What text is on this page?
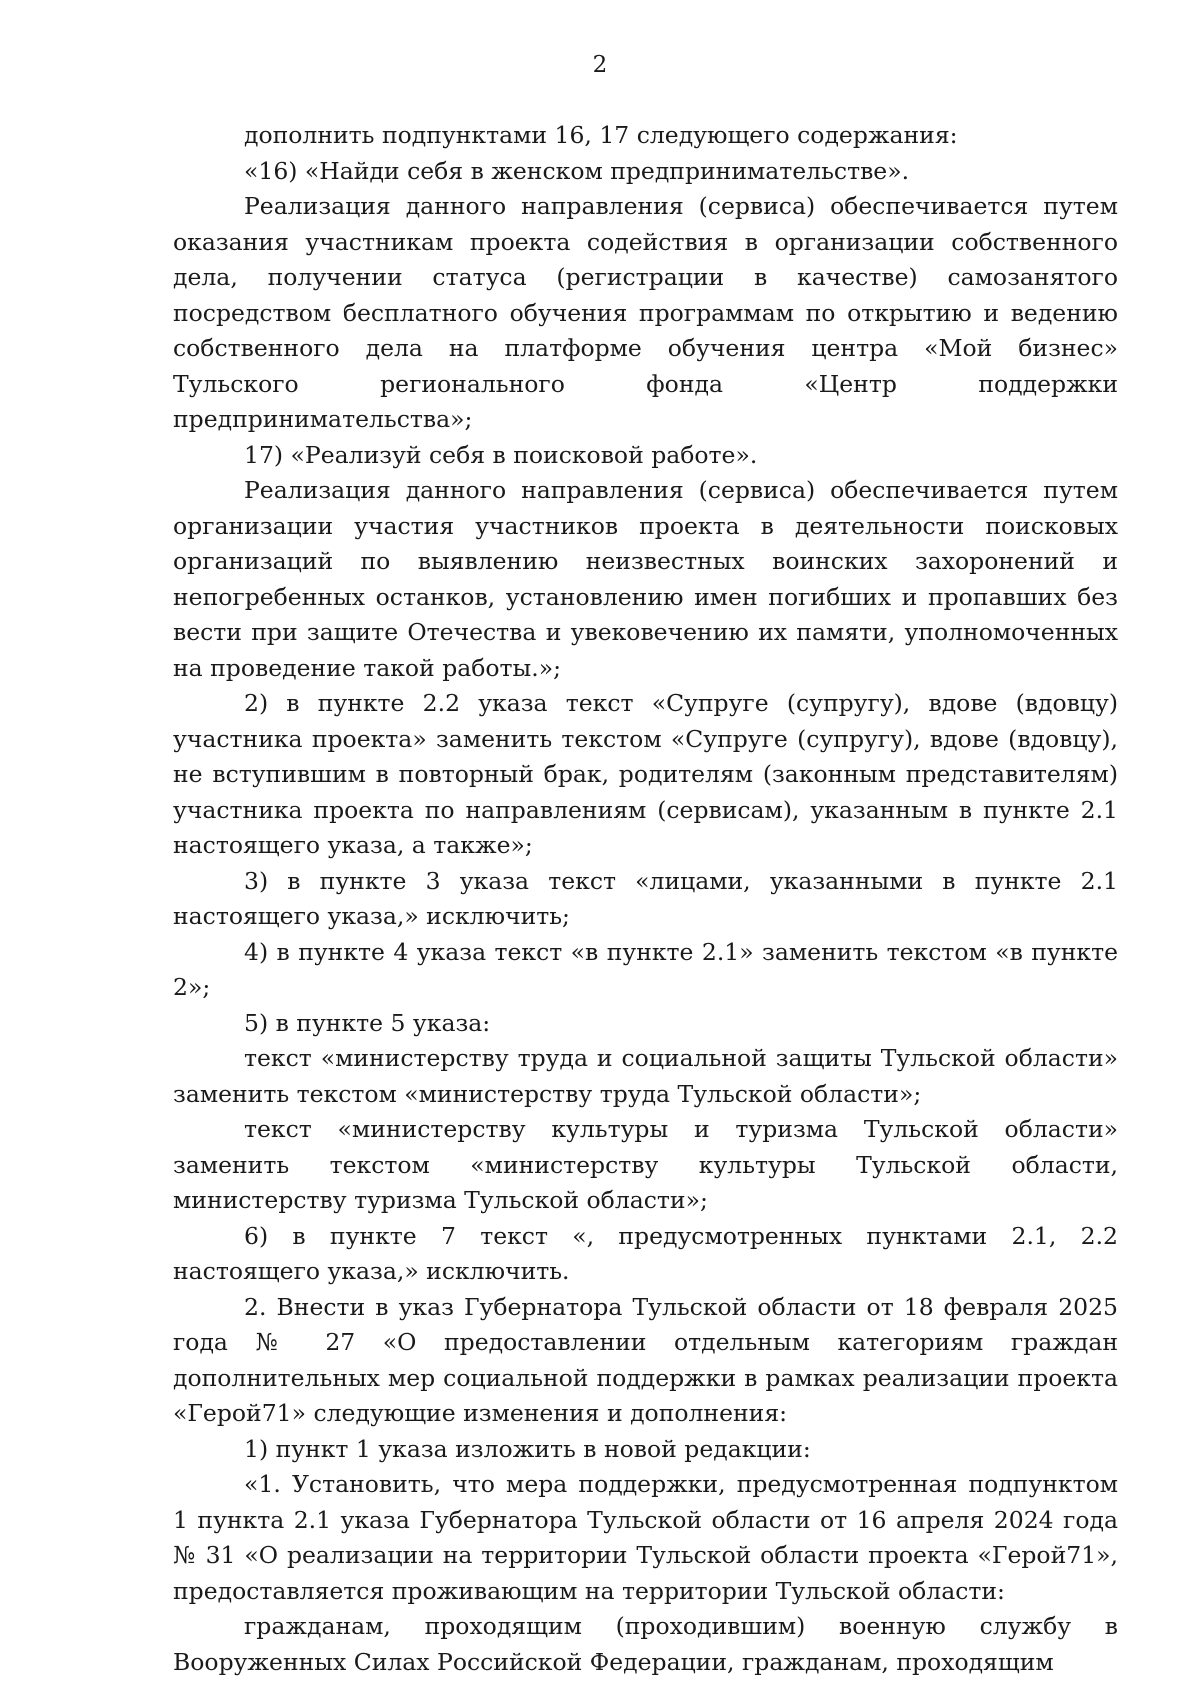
2

дополнить подпунктами 16, 17 следующего содержания:

«16) «Найди себя в женском предпринимательстве».

Реализация данного направления (сервиса) обеспечивается путем оказания участникам проекта содействия в организации собственного дела, получении статуса (регистрации в качестве) самозанятого посредством бесплатного обучения программам по открытию и ведению собственного дела на платформе обучения центра «Мой бизнес» Тульского регионального фонда «Центр поддержки предпринимательства»;

17) «Реализуй себя в поисковой работе».

Реализация данного направления (сервиса) обеспечивается путем организации участия участников проекта в деятельности поисковых организаций по выявлению неизвестных воинских захоронений и непогребенных останков, установлению имен погибших и пропавших без вести при защите Отечества и увековечению их памяти, уполномоченных на проведение такой работы.»;

2) в пункте 2.2 указа текст «Супруге (супругу), вдове (вдовцу) участника проекта» заменить текстом «Супруге (супругу), вдове (вдовцу), не вступившим в повторный брак, родителям (законным представителям) участника проекта по направлениям (сервисам), указанным в пункте 2.1 настоящего указа, а также»;

3) в пункте 3 указа текст «лицами, указанными в пункте 2.1 настоящего указа,» исключить;

4) в пункте 4 указа текст «в пункте 2.1» заменить текстом «в пункте 2»;

5) в пункте 5 указа:

текст «министерству труда и социальной защиты Тульской области» заменить текстом «министерству труда Тульской области»;

текст «министерству культуры и туризма Тульской области» заменить текстом «министерству культуры Тульской области, министерству туризма Тульской области»;

6) в пункте 7 текст «, предусмотренных пунктами 2.1, 2.2 настоящего указа,» исключить.

2. Внести в указ Губернатора Тульской области от 18 февраля 2025 года № 27 «О предоставлении отдельным категориям граждан дополнительных мер социальной поддержки в рамках реализации проекта «Герой71» следующие изменения и дополнения:

1) пункт 1 указа изложить в новой редакции:

«1. Установить, что мера поддержки, предусмотренная подпунктом 1 пункта 2.1 указа Губернатора Тульской области от 16 апреля 2024 года № 31 «О реализации на территории Тульской области проекта «Герой71», предоставляется проживающим на территории Тульской области:

гражданам, проходящим (проходившим) военную службу в Вооруженных Силах Российской Федерации, гражданам, проходящим
